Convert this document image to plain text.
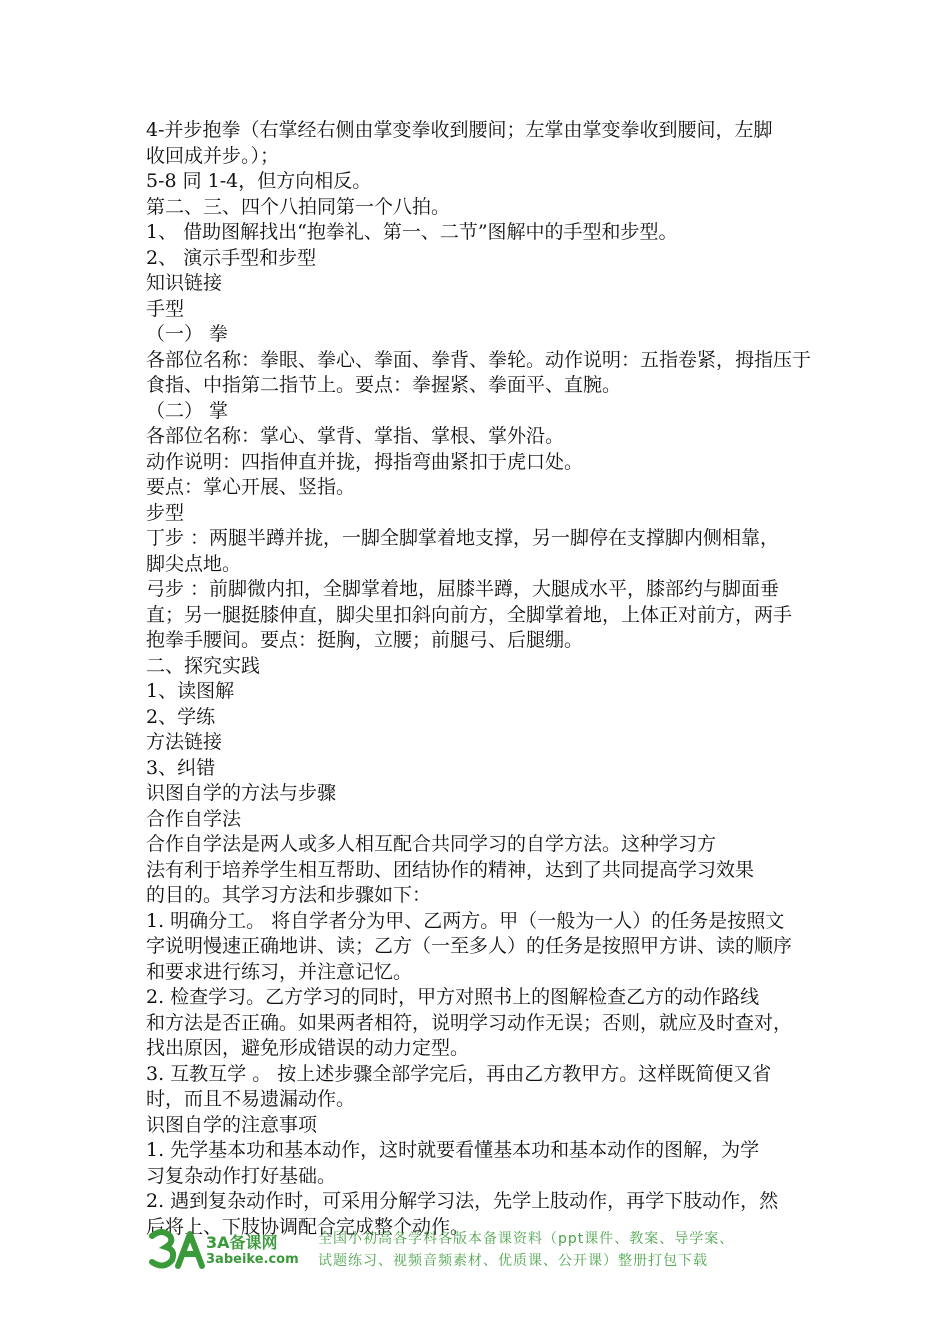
4-并步抱拳（右掌经右侧由掌变拳收到腰间；左掌由掌变拳收到腰间，左脚

收回成并步。）；

5-8 同 1-4，但方向相反。

第二、三、四个八拍同第一个八拍。

1、 借助图解找出“抱拳礼、第一、二节”图解中的手型和步型。

2、 演示手型和步型

知识链接

手型

（一） 拳

各部位名称：拳眼、拳心、拳面、拳背、拳轮。动作说明：五指卷紧，拇指压于

食指、中指第二指节上。要点：拳握紧、拳面平、直腕。

（二） 掌

各部位名称：掌心、掌背、掌指、掌根、掌外沿。

动作说明：四指伸直并拢，拇指弯曲紧扣于虎口处。

要点：掌心开展、竖指。

步型

丁步 ：两腿半蹲并拢，一脚全脚掌着地支撑，另一脚停在支撑脚内侧相靠，

脚尖点地。

弓步 ：前脚微内扣，全脚掌着地，屈膝半蹲，大腿成水平，膝部约与脚面垂

直；另一腿挺膝伸直，脚尖里扣斜向前方，全脚掌着地，上体正对前方，两手

抱拳手腰间。要点：挺胸，立腰；前腿弓、后腿绷。

二、探究实践

1、读图解

2、学练

方法链接

3、纠错

识图自学的方法与步骤

合作自学法

合作自学法是两人或多人相互配合共同学习的自学方法。这种学习方

法有利于培养学生相互帮助、团结协作的精神，达到了共同提高学习效果

的目的。其学习方法和步骤如下：

1. 明确分工。 将自学者分为甲、乙两方。甲（一般为一人）的任务是按照文

字说明慢速正确地讲、读；乙方（一至多人）的任务是按照甲方讲、读的顺序

和要求进行练习，并注意记忆。

2. 检查学习。乙方学习的同时，甲方对照书上的图解检查乙方的动作路线

和方法是否正确。如果两者相符，说明学习动作无误；否则，就应及时查对，

找出原因，避免形成错误的动力定型。

3. 互教互学 。 按上述步骤全部学完后，再由乙方教甲方。这样既简便又省

时，而且不易遗漏动作。

识图自学的注意事项

1. 先学基本功和基本动作，这时就要看懂基本功和基本动作的图解，为学

习复杂动作打好基础。

2. 遇到复杂动作时，可采用分解学习法，先学上肢动作，再学下肢动作，然

后将上、下肢协调配合完成整个动作。

3A备课网
3abeike.com
全国小初高各学科各版本备课资料（ppt课件、教案、导学案、
试题练习、视频音频素材、优质课、公开课）整册打包下载
